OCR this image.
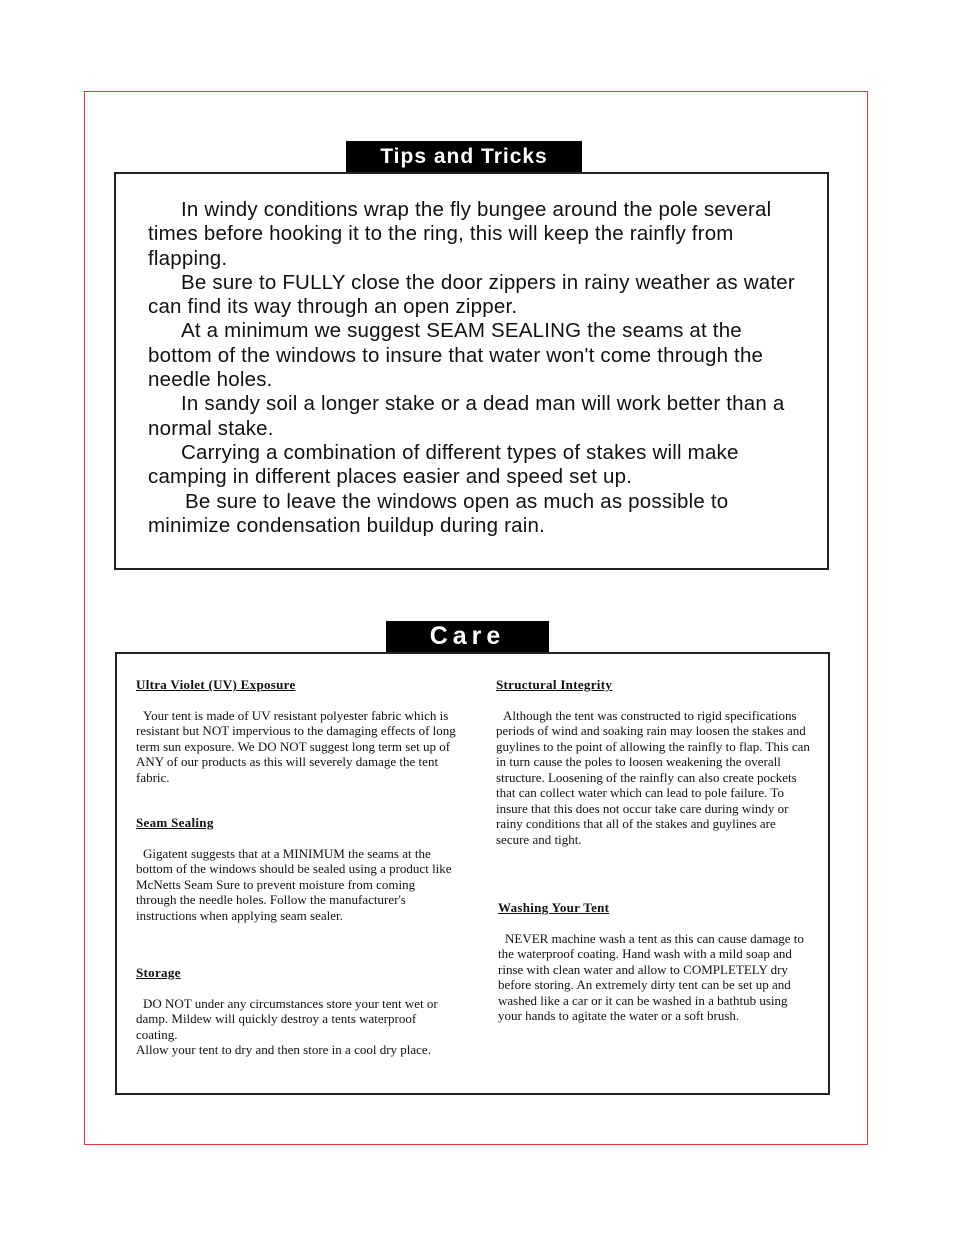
Tips and Tricks

In windy conditions wrap the fly bungee around the pole several times before hooking it to the ring, this will keep the rainfly from flapping.

Be sure to FULLY close the door zippers in rainy weather as water can find its way through an open zipper.

At a minimum we suggest SEAM SEALING the seams at the bottom of the windows to insure that water won't come through the needle holes.

In sandy soil a longer stake or a dead man will work better than a normal stake.

Carrying a combination of different types of stakes will make camping in different places easier and speed set up.

Be sure to leave the windows open as much as possible to minimize condensation buildup during rain.

Care
Ultra Violet (UV) Exposure

Your tent is made of UV resistant polyester fabric which is resistant but NOT impervious to the damaging effects of long term sun exposure. We DO NOT suggest long term set up of ANY of our products as this will severely damage the tent fabric.

Seam Sealing

Gigatent suggests that at a MINIMUM the seams at the bottom of the windows should be sealed using a product like McNetts Seam Sure to prevent moisture from coming through the needle holes. Follow the manufacturer's instructions when applying seam sealer.

Storage

DO NOT under any circumstances store your tent wet or damp. Mildew will quickly destroy a tents waterproof coating.

Allow your tent to dry and then store in a cool dry place.

Structural Integrity

Although the tent was constructed to rigid specifications periods of wind and soaking rain may loosen the stakes and guylines to the point of allowing the rainfly to flap. This can in turn cause the poles to loosen weakening the overall structure. Loosening of the rainfly can also create pockets that can collect water which can lead to pole failure. To insure that this does not occur take care during windy or rainy conditions that all of the stakes and guylines are secure and tight.

Washing Your Tent

NEVER machine wash a tent as this can cause damage to the waterproof coating. Hand wash with a mild soap and rinse with clean water and allow to COMPLETELY dry before storing. An extremely dirty tent can be set up and washed like a car or it can be washed in a bathtub using your hands to agitate the water or a soft brush.
